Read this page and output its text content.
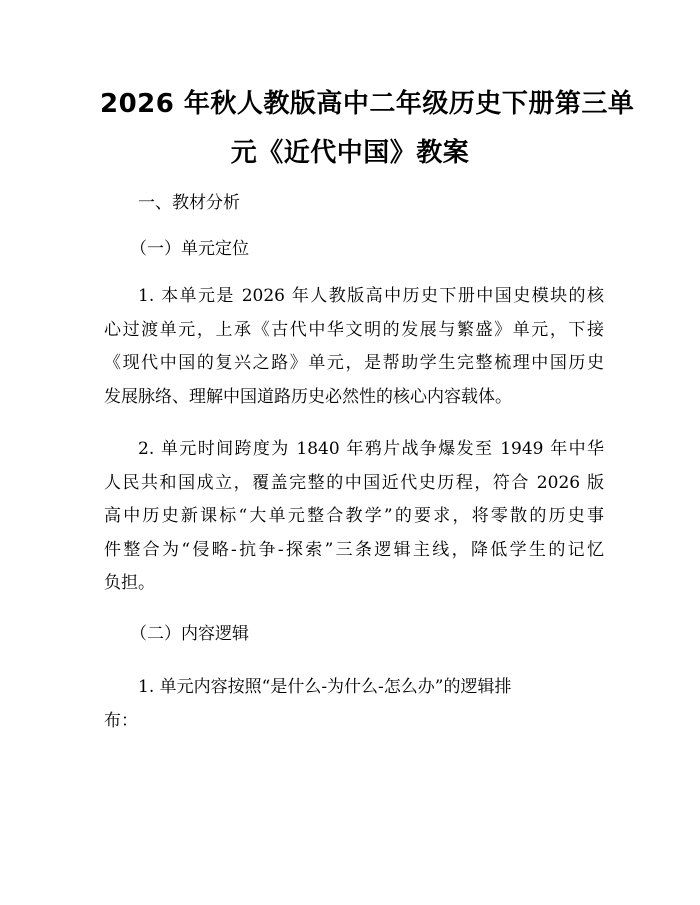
2026 年秋人教版高中二年级历史下册第三单
元《近代中国》教案
一、教材分析
（一）单元定位
1. 本单元是 2026 年人教版高中历史下册中国史模块的核
心过渡单元，上承《古代中华文明的发展与繁盛》单元，下接
《现代中国的复兴之路》单元，是帮助学生完整梳理中国历史
发展脉络、理解中国道路历史必然性的核心内容载体。
2. 单元时间跨度为 1840 年鸦片战争爆发至 1949 年中华
人民共和国成立，覆盖完整的中国近代史历程，符合 2026 版
高中历史新课标“大单元整合教学”的要求，将零散的历史事
件整合为“侵略-抗争-探索”三条逻辑主线，降低学生的记忆
负担。
（二）内容逻辑
1. 单元内容按照“是什么-为什么-怎么办”的逻辑排
布：
